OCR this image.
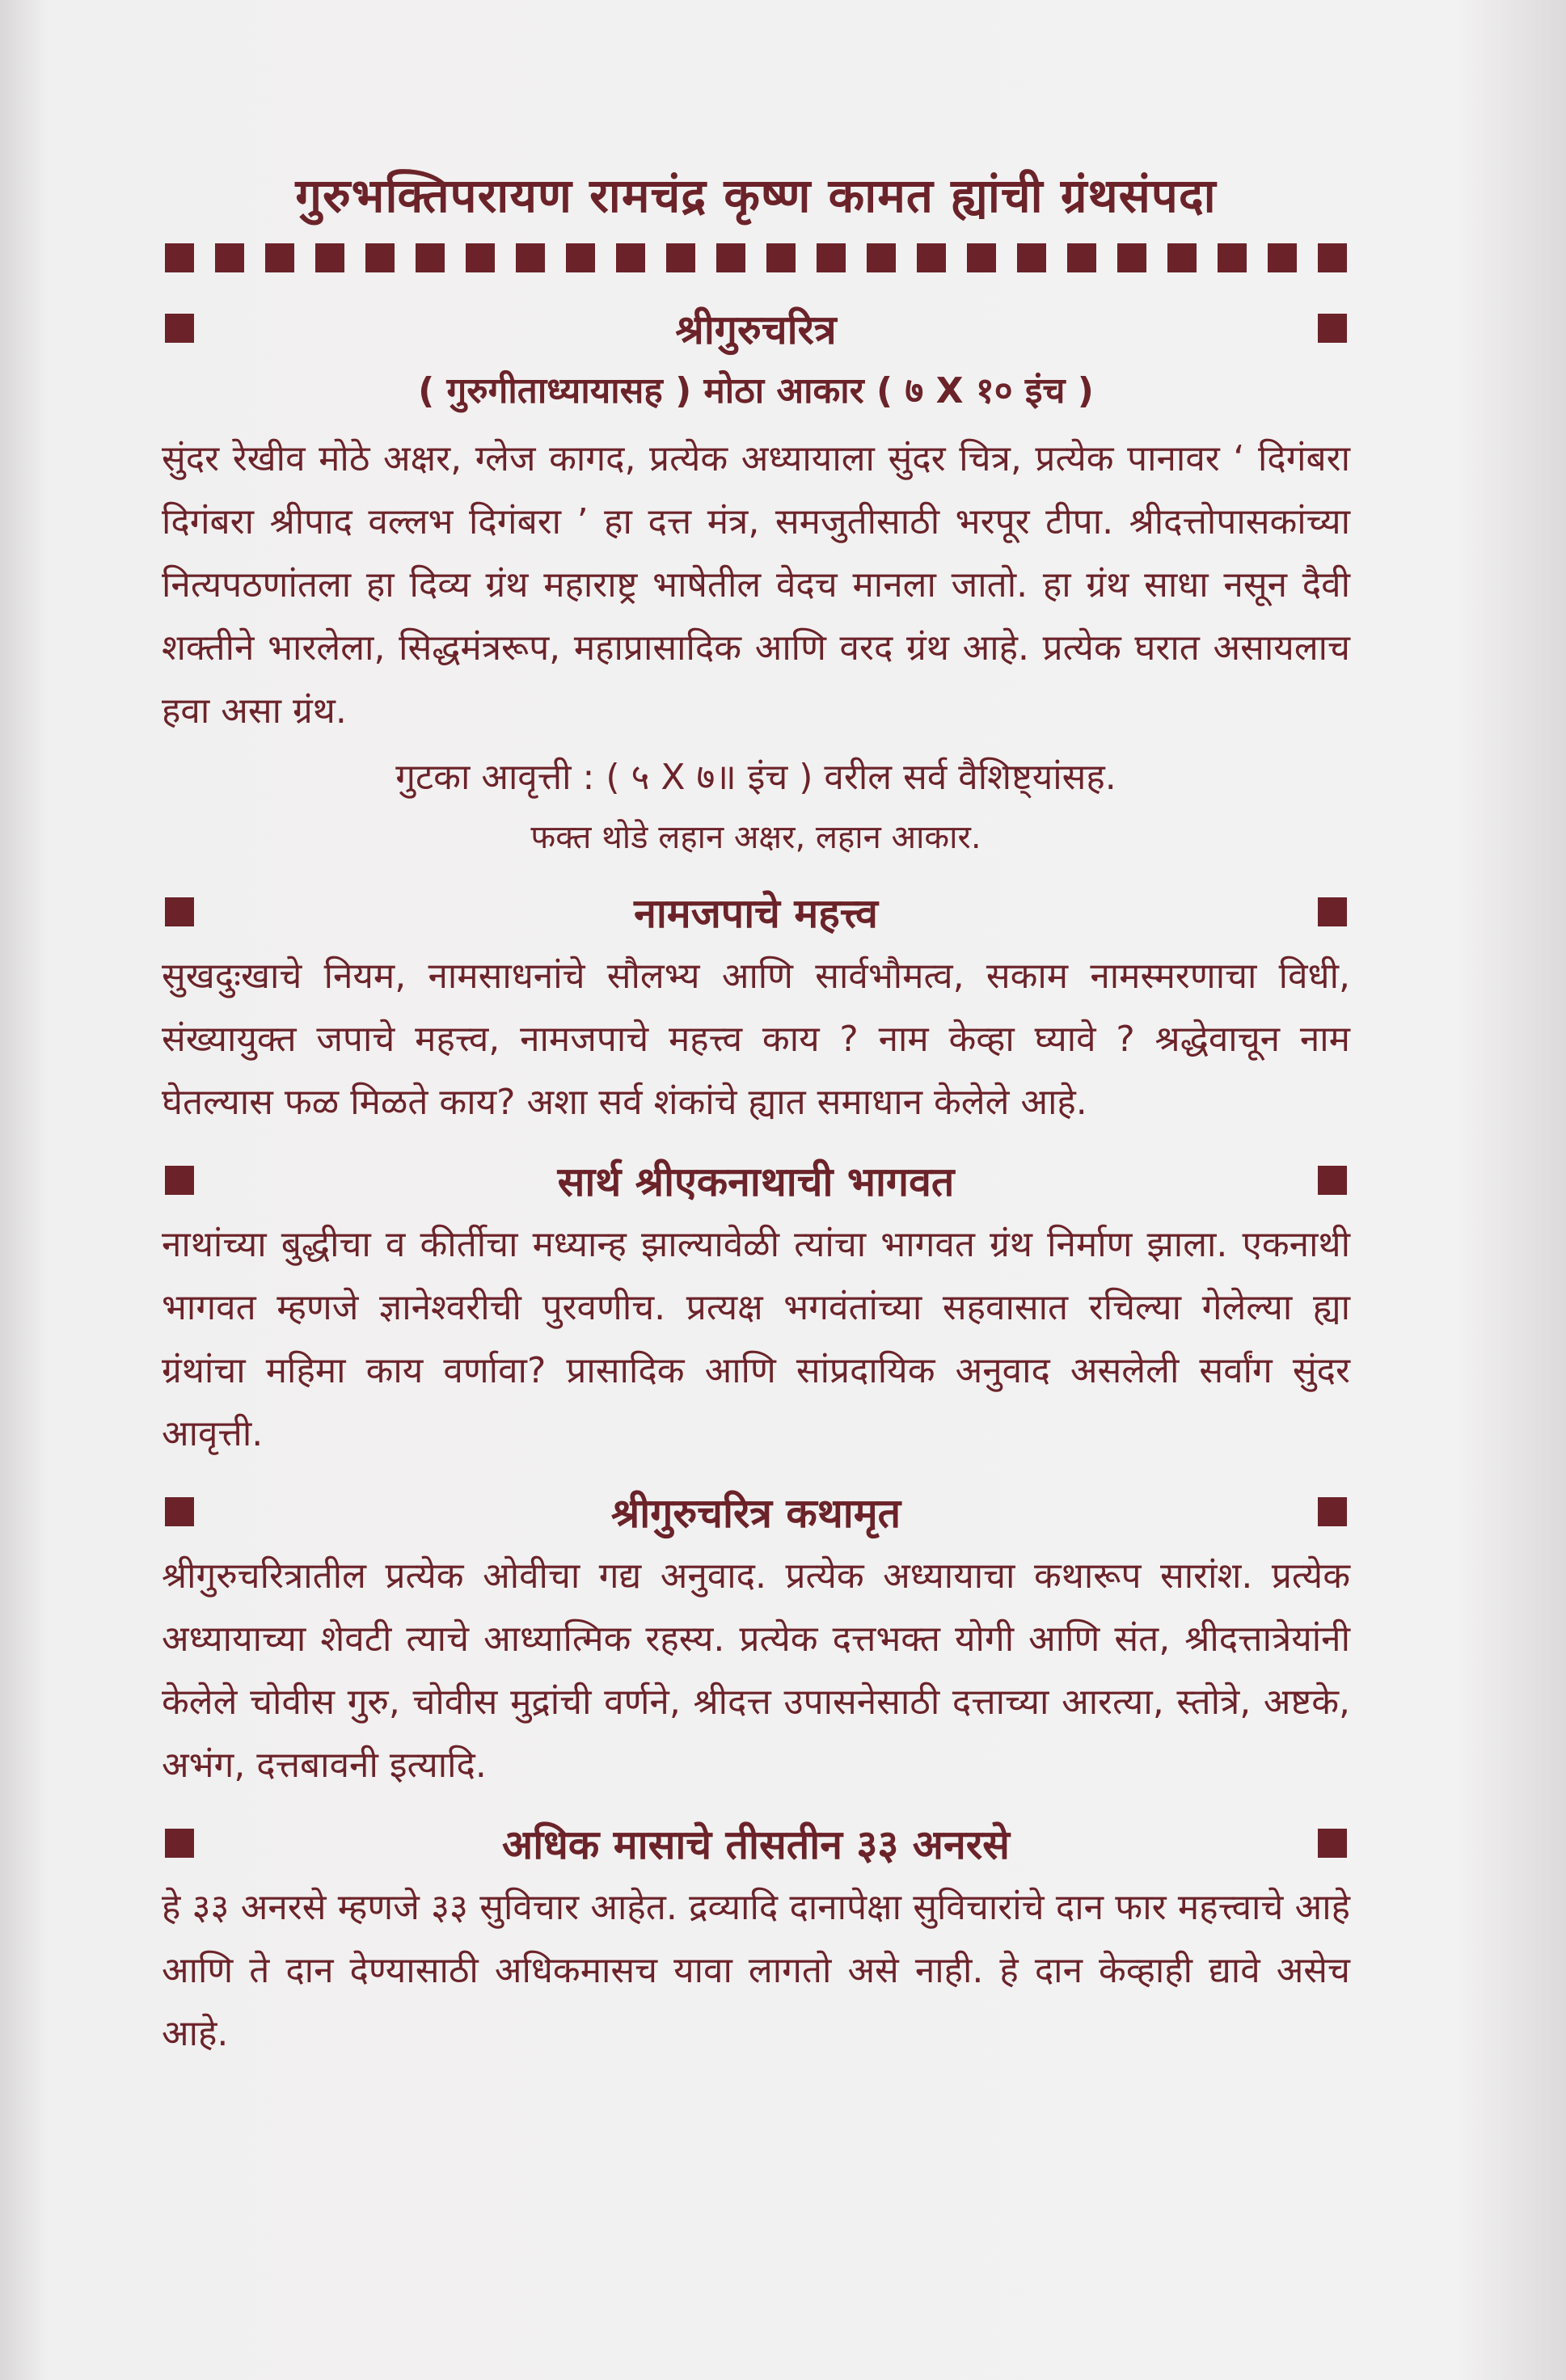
गुरुभक्तिपरायण रामचंद्र कृष्ण कामत ह्यांची ग्रंथसंपदा
श्रीगुरुचरित्र

( गुरुगीताध्यायासह ) मोठा आकार ( ७ X १० इंच )

सुंदर रेखीव मोठे अक्षर, ग्लेज कागद, प्रत्येक अध्यायाला सुंदर चित्र, प्रत्येक पानावर ‘ दिगंबरा दिगंबरा श्रीपाद वल्लभ दिगंबरा ’ हा दत्त मंत्र, समजुतीसाठी भरपूर टीपा. श्रीदत्तोपासकांच्या नित्यपठणांतला हा दिव्य ग्रंथ महाराष्ट्र भाषेतील वेदच मानला जातो. हा ग्रंथ साधा नसून दैवी शक्तीने भारलेला, सिद्धमंत्ररूप, महाप्रासादिक आणि वरद ग्रंथ आहे. प्रत्येक घरात असायलाच हवा असा ग्रंथ.

गुटका आवृत्ती : ( ५ X ७॥ इंच ) वरील सर्व वैशिष्ट्यांसह.

फक्त थोडे लहान अक्षर, लहान आकार.

नामजपाचे महत्त्व

सुखदुःखाचे नियम, नामसाधनांचे सौलभ्य आणि सार्वभौमत्व, सकाम नामस्मरणाचा विधी, संख्यायुक्त जपाचे महत्त्व, नामजपाचे महत्त्व काय ? नाम केव्हा घ्यावे ? श्रद्धेवाचून नाम घेतल्यास फळ मिळते काय? अशा सर्व शंकांचे ह्यात समाधान केलेले आहे.

सार्थ श्रीएकनाथाची भागवत

नाथांच्या बुद्धीचा व कीर्तीचा मध्यान्ह झाल्यावेळी त्यांचा भागवत ग्रंथ निर्माण झाला. एकनाथी भागवत म्हणजे ज्ञानेश्वरीची पुरवणीच. प्रत्यक्ष भगवंतांच्या सहवासात रचिल्या गेलेल्या ह्या ग्रंथांचा महिमा काय वर्णावा? प्रासादिक आणि सांप्रदायिक अनुवाद असलेली सर्वांग सुंदर आवृत्ती.

श्रीगुरुचरित्र कथामृत

श्रीगुरुचरित्रातील प्रत्येक ओवीचा गद्य अनुवाद. प्रत्येक अध्यायाचा कथारूप सारांश. प्रत्येक अध्यायाच्या शेवटी त्याचे आध्यात्मिक रहस्य. प्रत्येक दत्तभक्त योगी आणि संत, श्रीदत्तात्रेयांनी केलेले चोवीस गुरु, चोवीस मुद्रांची वर्णने, श्रीदत्त उपासनेसाठी दत्ताच्या आरत्या, स्तोत्रे, अष्टके, अभंग, दत्तबावनी इत्यादि.

अधिक मासाचे तीसतीन ३३ अनरसे

हे ३३ अनरसे म्हणजे ३३ सुविचार आहेत. द्रव्यादि दानापेक्षा सुविचारांचे दान फार महत्त्वाचे आहे आणि ते दान देण्यासाठी अधिकमासच यावा लागतो असे नाही. हे दान केव्हाही द्यावे असेच आहे.
